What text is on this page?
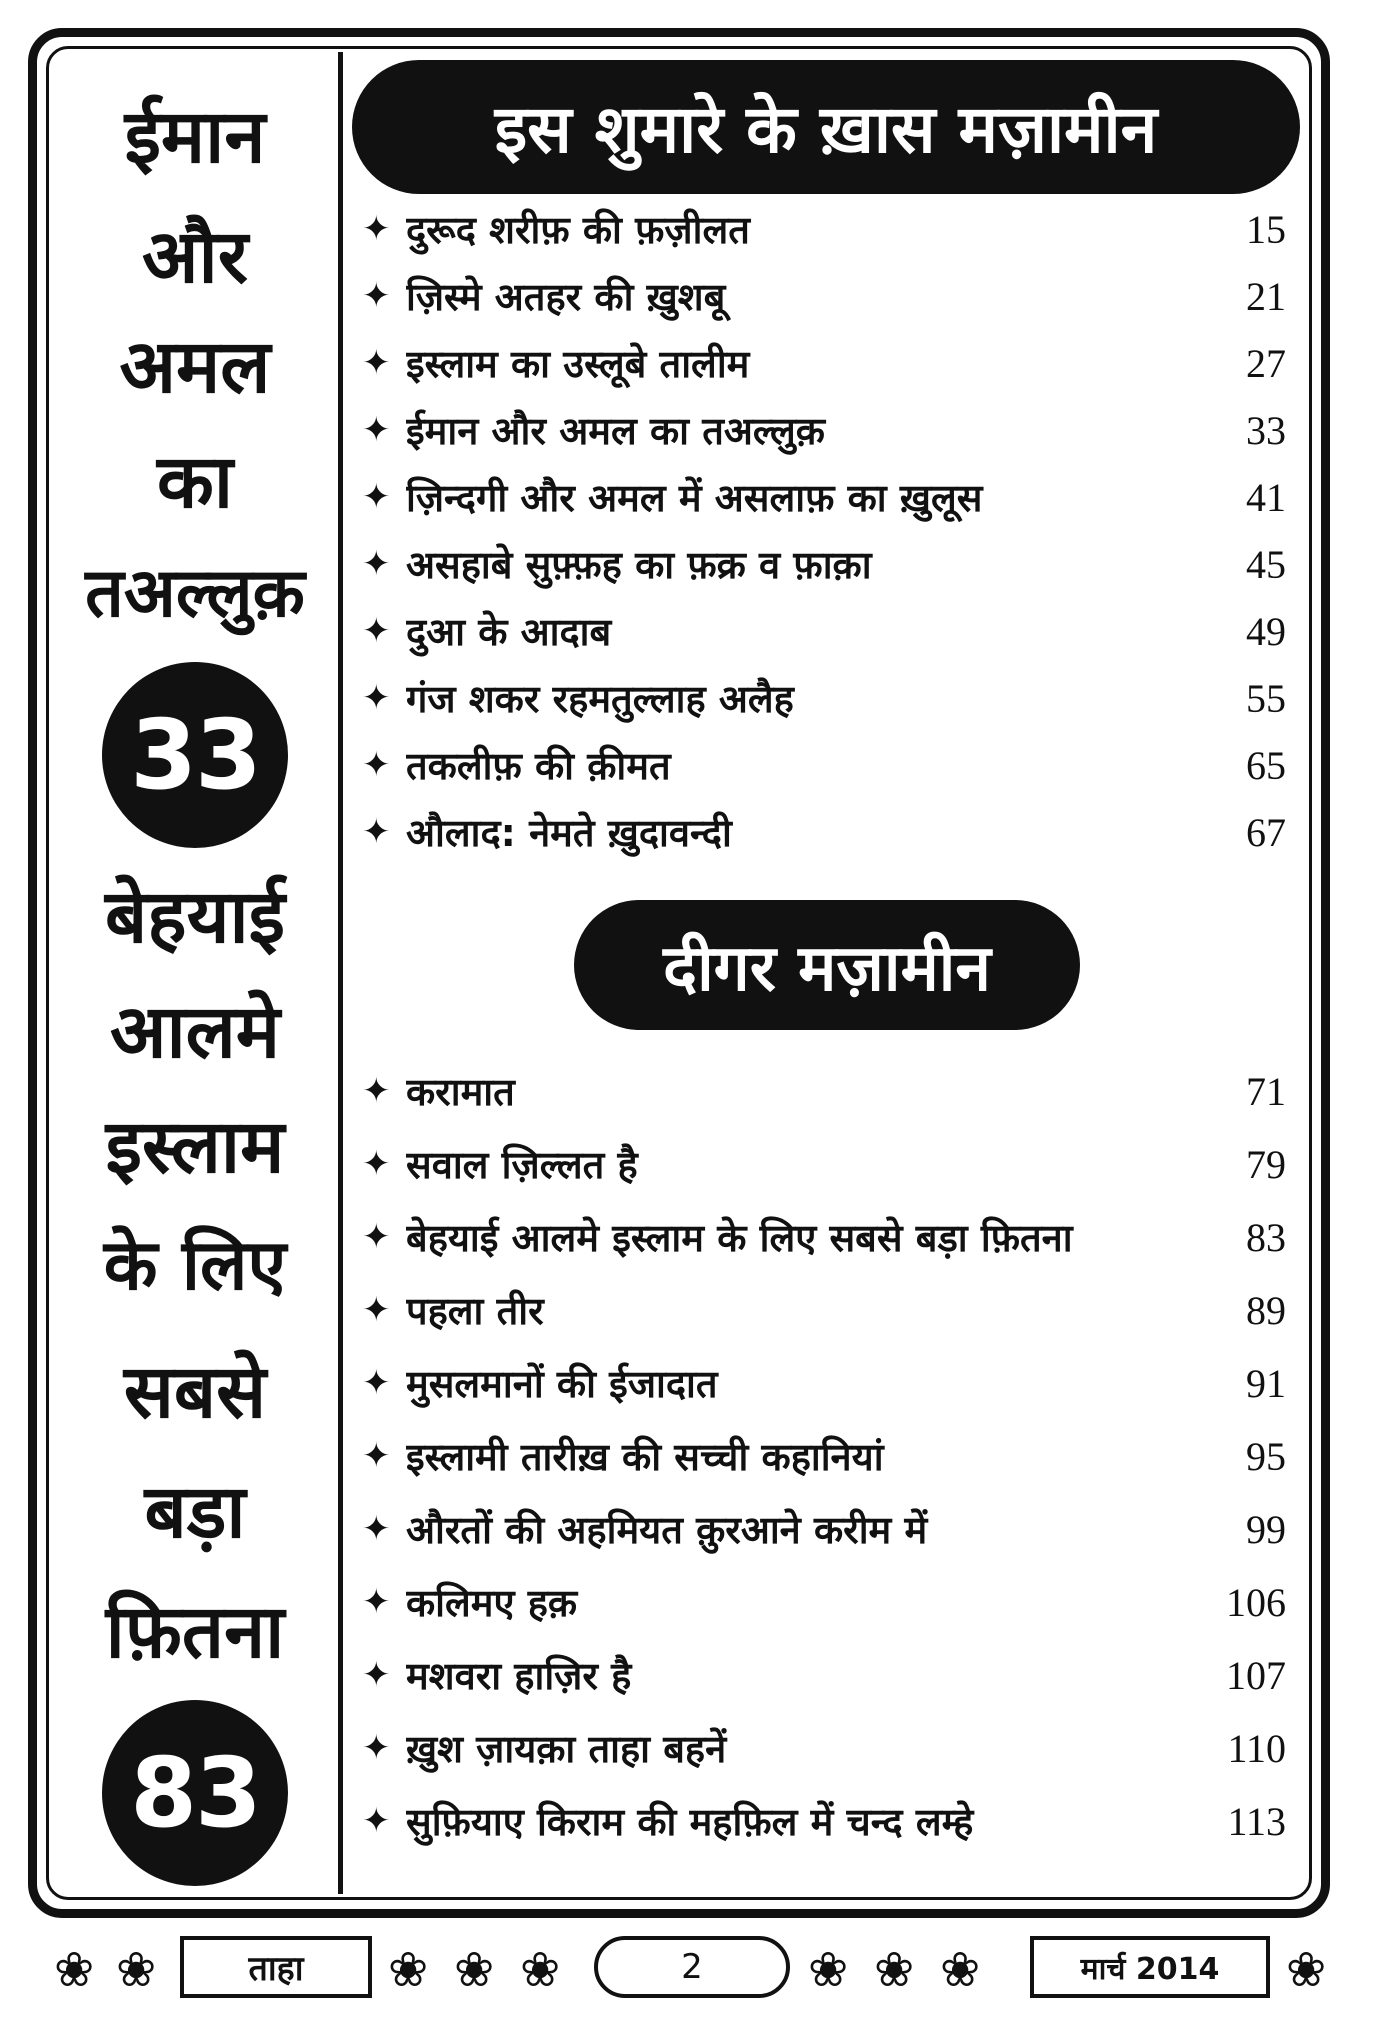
ईमान
और
अमल
का
तअल्लुक़
33
बेहयाई
आलमे
इस्लाम
के लिए
सबसे
बड़ा
फ़ितना
83
इस शुमारे के ख़ास मज़ामीन
✦ दुरूद शरीफ़ की फ़ज़ीलत	15
✦ ज़िस्मे अतहर की ख़ुशबू	21
✦ इस्लाम का उस्लूबे तालीम	27
✦ ईमान और अमल का तअल्लुक़	33
✦ ज़िन्दगी और अमल में असलाफ़ का ख़ुलूस	41
✦ असहाबे सुफ़्फ़ह का फ़क्र व फ़ाक़ा	45
✦ दुआ के आदाब	49
✦ गंज शकर रहमतुल्लाह अलैह	55
✦ तकलीफ़ की क़ीमत	65
✦ औलाद: नेमते ख़ुदावन्दी	67
दीगर मज़ामीन
✦ करामात	71
✦ सवाल ज़िल्लत है	79
✦ बेहयाई आलमे इस्लाम के लिए सबसे बड़ा फ़ितना	83
✦ पहला तीर	89
✦ मुसलमानों की ईजादात	91
✦ इस्लामी तारीख़ की सच्ची कहानियां	95
✦ औरतों की अहमियत क़ुरआने करीम में	99
✦ कलिमए हक़	106
✦ मशवरा हाज़िर है	107
✦ ख़ुश ज़ायक़ा ताहा बहनें	110
✦ सुफ़ियाए किराम की महफ़िल में चन्द लम्हे	113
❀ ❀	ताहा	❀ ❀ ❀	2	❀ ❀ ❀	मार्च 2014	❀
